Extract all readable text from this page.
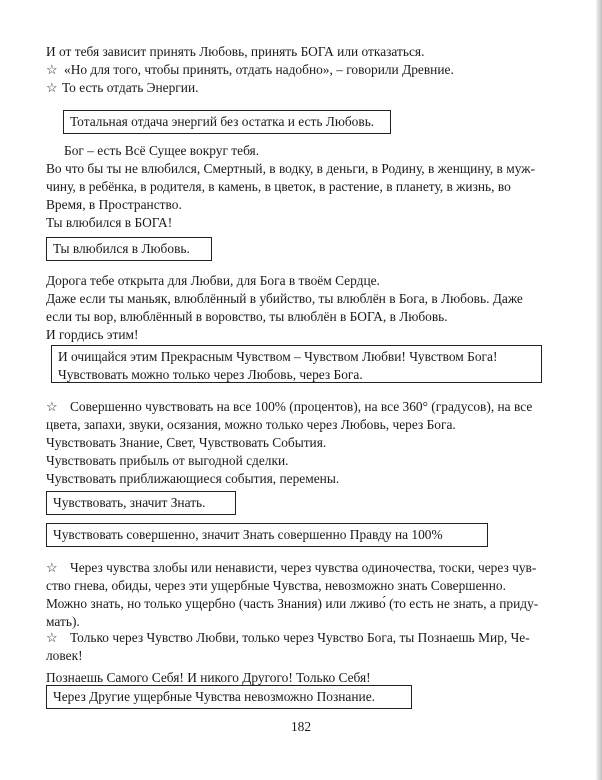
И от тебя зависит принять Любовь, принять БОГА или отказаться.
☆ «Но для того, чтобы принять, отдать надобно», – говорили Древние.
☆ То есть отдать Энергии.
Тотальная отдача энергий без остатка и есть Любовь.
Бог – есть Всё Сущее вокруг тебя.
Во что бы ты не влюбился, Смертный, в водку, в деньги, в Родину, в женщину, в муж-
чину, в ребёнка, в родителя, в камень, в цветок, в растение, в планету, в жизнь, во
Время, в Пространство.
Ты влюбился в БОГА!
Ты влюбился в Любовь.
Дорога тебе открыта для Любви, для Бога в твоём Сердце.
Даже если ты маньяк, влюблённый в убийство, ты влюблён в Бога, в Любовь. Даже
если ты вор, влюблённый в воровство, ты влюблён в БОГА, в Любовь.
И гордись этим!
И очищайся этим Прекрасным Чувством – Чувством Любви! Чувством Бога!
Чувствовать можно только через Любовь, через Бога.
☆ Совершенно чувствовать на все 100% (процентов), на все 360° (градусов), на все
цвета, запахи, звуки, осязания, можно только через Любовь, через Бога.
Чувствовать Знание, Свет, Чувствовать События.
Чувствовать прибыль от выгодной сделки.
Чувствовать приближающиеся события, перемены.
Чувствовать, значит Знать.
Чувствовать совершенно, значит Знать совершенно Правду на 100%
☆ Через чувства злобы или ненависти, через чувства одиночества, тоски, через чув-
ство гнева, обиды, через эти ущербные Чувства, невозможно знать Совершенно.
Можно знать, но только ущербно (часть Знания) или лживо́ (то есть не знать, а приду-
мать).
☆ Только через Чувство Любви, только через Чувство Бога, ты Познаешь Мир, Че-
ловек!
Познаешь Самого Себя! И никого Другого! Только Себя!
Через Другие ущербные Чувства невозможно Познание.
182
